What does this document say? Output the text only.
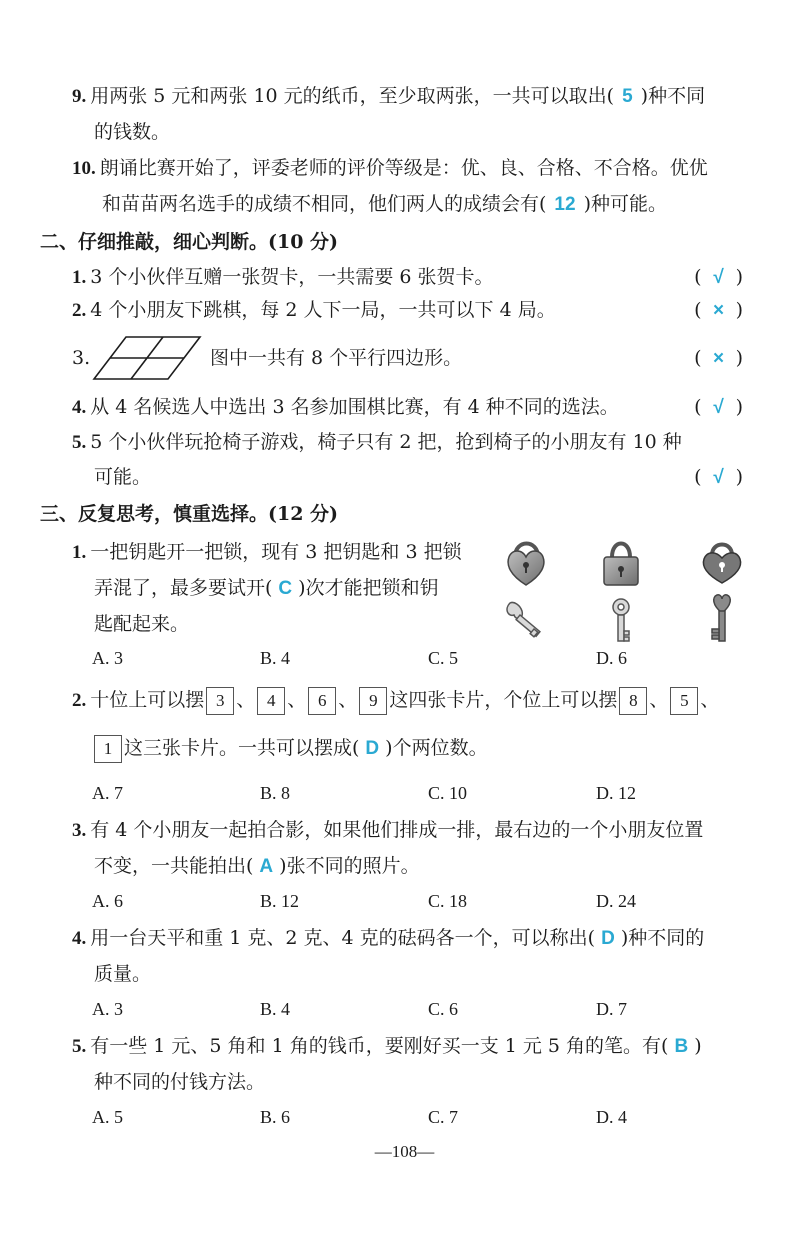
9. 用两张 5 元和两张 10 元的纸币，至少取两张，一共可以取出( 5 )种不同
的钱数。
10. 朗诵比赛开始了，评委老师的评价等级是：优、良、合格、不合格。优优
和苗苗两名选手的成绩不相同，他们两人的成绩会有( 12 )种可能。
二、仔细推敲，细心判断。(10 分)
1. 3 个小伙伴互赠一张贺卡，一共需要 6 张贺卡。	( √ )
2. 4 个小朋友下跳棋，每 2 人下一局，一共可以下 4 局。	( × )
3.	图中一共有 8 个平行四边形。	( × )
4. 从 4 名候选人中选出 3 名参加围棋比赛，有 4 种不同的选法。	( √ )
5. 5 个小伙伴玩抢椅子游戏，椅子只有 2 把，抢到椅子的小朋友有 10 种
可能。	( √ )
三、反复思考，慎重选择。(12 分)
1. 一把钥匙开一把锁，现有 3 把钥匙和 3 把锁
弄混了，最多要试开( C )次才能把锁和钥
匙配起来。
A. 3	B. 4	C. 5	D. 6
2. 十位上可以摆 3 、 4 、 6 、 9 这四张卡片，个位上可以摆 8 、 5 、
1 这三张卡片。一共可以摆成( D )个两位数。
A. 7	B. 8	C. 10	D. 12
3. 有 4 个小朋友一起拍合影，如果他们排成一排，最右边的一个小朋友位置
不变，一共能拍出( A )张不同的照片。
A. 6	B. 12	C. 18	D. 24
4. 用一台天平和重 1 克、2 克、4 克的砝码各一个，可以称出( D )种不同的
质量。
A. 3	B. 4	C. 6	D. 7
5. 有一些 1 元、5 角和 1 角的钱币，要刚好买一支 1 元 5 角的笔。有( B )
种不同的付钱方法。
A. 5	B. 6	C. 7	D. 4
—108—
